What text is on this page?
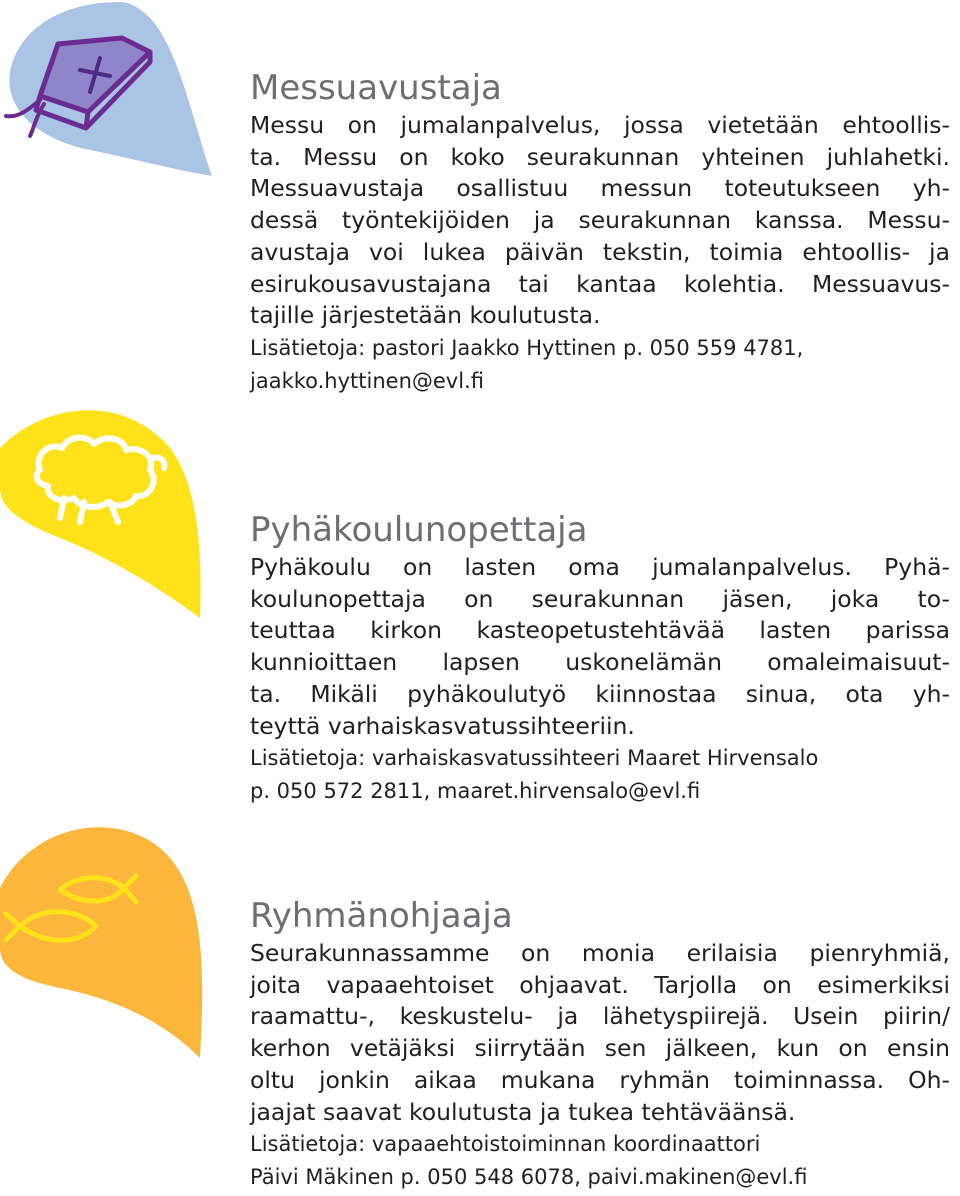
Messuavustaja
Messu on jumalanpalvelus, jossa vietetään ehtoollis-
ta. Messu on koko seurakunnan yhteinen juhlahetki.
Messuavustaja osallistuu messun toteutukseen yh-
dessä työntekijöiden ja seurakunnan kanssa. Messu-
avustaja voi lukea päivän tekstin, toimia ehtoollis- ja
esirukousavustajana tai kantaa kolehtia. Messuavus-
tajille järjestetään koulutusta.
Lisätietoja: pastori Jaakko Hyttinen p. 050 559 4781,
jaakko.hyttinen@evl.fi
Pyhäkoulunopettaja
Pyhäkoulu on lasten oma jumalanpalvelus. Pyhä-
koulunopettaja on seurakunnan jäsen, joka to-
teuttaa kirkon kasteopetustehtävää lasten parissa
kunnioittaen lapsen uskonelämän omaleimaisuut-
ta. Mikäli pyhäkoulutyö kiinnostaa sinua, ota yh-
teyttä varhaiskasvatussihteeriin.
Lisätietoja: varhaiskasvatussihteeri Maaret Hirvensalo
p. 050 572 2811, maaret.hirvensalo@evl.fi
Ryhmänohjaaja
Seurakunnassamme on monia erilaisia pienryhmiä,
joita vapaaehtoiset ohjaavat. Tarjolla on esimerkiksi
raamattu-, keskustelu- ja lähetyspiirejä. Usein piirin/
kerhon vetäjäksi siirrytään sen jälkeen, kun on ensin
oltu jonkin aikaa mukana ryhmän toiminnassa. Oh-
jaajat saavat koulutusta ja tukea tehtäväänsä.
Lisätietoja: vapaaehtoistoiminnan koordinaattori
Päivi Mäkinen p. 050 548 6078, paivi.makinen@evl.fi
